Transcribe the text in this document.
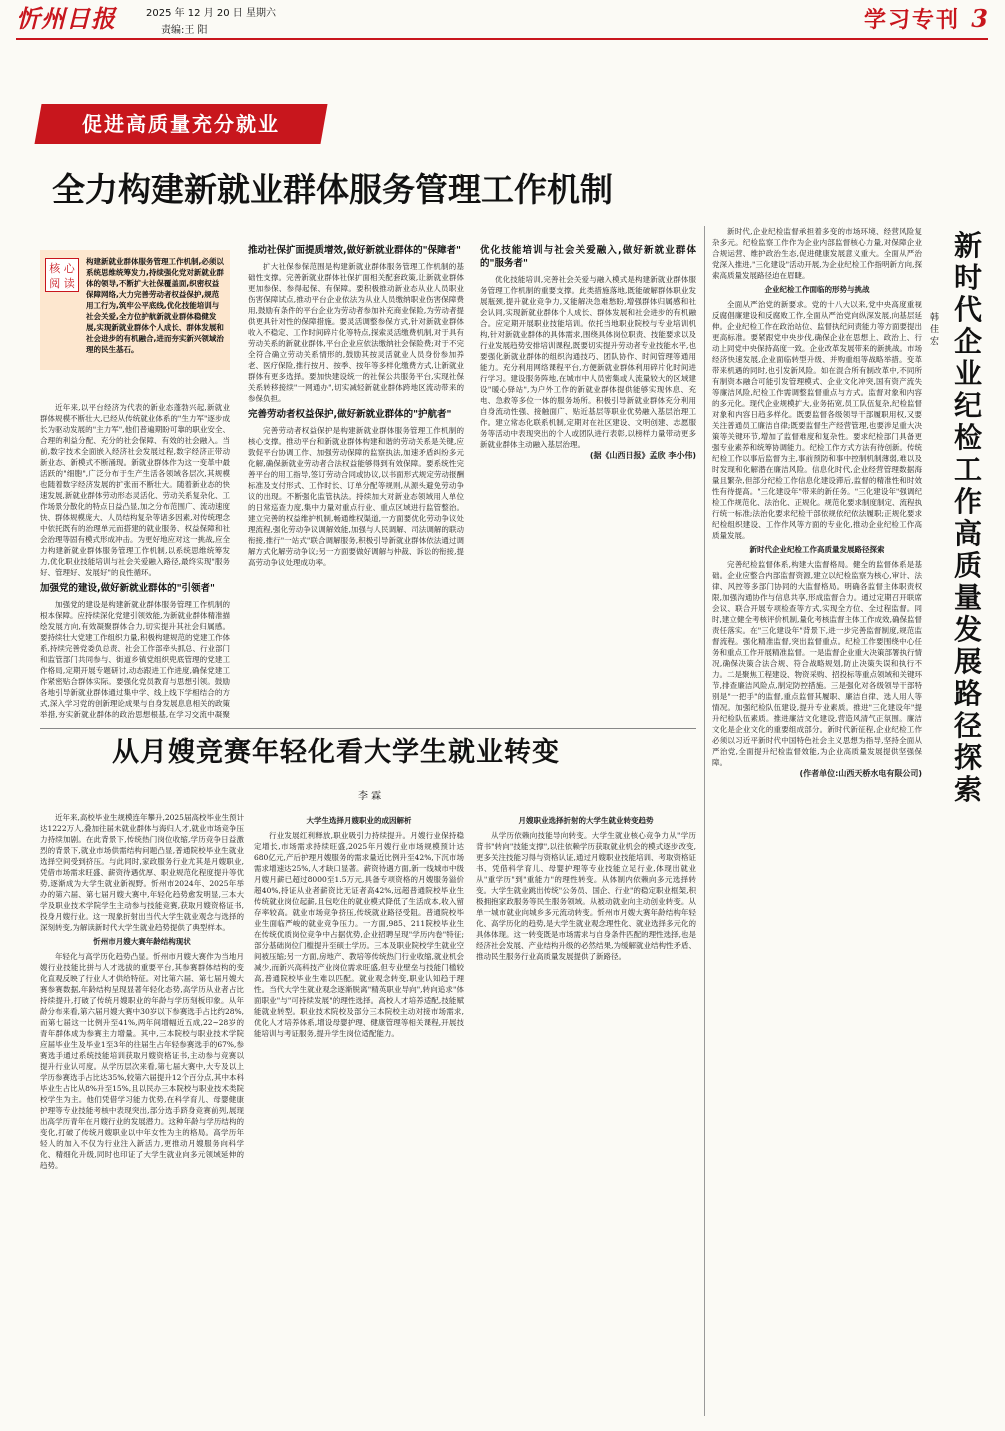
忻州日报	2025 年 12 月 20 日 星期六
责编:王 阳	学习专刊 3
促进高质量充分就业
全力构建新就业群体服务管理工作机制
核 心 阅 读
构建新就业群体服务管理工作机制,必须以系统思维统筹发力,持续强化党对新就业群体的领导,不断扩大社保覆盖面,织密权益保障网络,大力完善劳动者权益保护,规范用工行为,筑牢公平底线,优化技能培训与社会关爱,全方位护航新就业群体稳健发展,实现新就业群体个人成长、群体发展和社会进步的有机融合,进而夯实新兴领域治理的民生基石。

近年来,以平台经济为代表的新业态蓬勃兴起,新就业群体规模不断壮大,已经从传统就业体系的"生力军"逐步成长为驱动发展的"主力军",他们普遍期盼可靠的职业安全、合理的利益分配、充分的社会保障、有效的社会融入。当前,数字技术全面嵌入经济社会发展过程,数字经济正带动新业态、新模式不断涌现。新就业群体作为这一变革中最活跃的"细胞",广泛分布于生产生活各领域各层次,其规模也随着数字经济发展的扩张而不断壮大。随着新业态的快速发展,新就业群体劳动形态灵活化、劳动关系复杂化、工作场景分散化的特点日益凸显,加之分布范围广、流动速度快、群体规模庞大、人员结构复杂等诸多因素,对传统理念中依托既有的治理单元而搭建的就业服务、权益保障和社会治理等固有模式形成冲击。为更好地应对这一挑战,应全力构建新就业群体服务管理工作机制,以系统思维统筹发力,优化职业技能培训与社会关爱融入路径,最终实现"服务好、管理好、发展好"的良性循环。

加强党的建设,做好新就业群体的"引领者"

加强党的建设是构建新就业群体服务管理工作机制的根本保障。应持续深化党建引领效能,为新就业群体精准描绘发展方向,有效凝聚群体合力,切实提升其社会归属感。要持续壮大党建工作组织力量,积极构建规范的党建工作体系,持续完善党委负总责、社会工作部牵头抓总、行业部门和监管部门共同参与、街道乡镇党组织兜底管理的党建工作格局,定期开展专题研讨,动态跟进工作进度,确保党建工作紧密贴合群体实际。要强化党员教育与思想引领。鼓励各地引导新就业群体通过集中学、线上线下学相结合的方式,深入学习党的创新理论成果与自身发展息息相关的政策举措,夯实新就业群体的政治思想根基,在学习交流中凝聚

推动社保扩面提质增效,做好新就业群体的"保障者"

扩大社保参保范围是构建新就业群体服务管理工作机制的基础性支撑。完善新就业群体社保扩面相关配套政策,让新就业群体更加参保、参得起保、有保障。要积极推动新业态从业人员职业伤害保障试点,推动平台企业依法为从业人员缴纳职业伤害保障费用,鼓励有条件的平台企业为劳动者参加补充商业保险,为劳动者提供更具针对性的保障措施。要灵活调整参保方式,针对新就业群体收入不稳定、工作时间碎片化等特点,探索灵活缴费机制,对于具有劳动关系的新就业群体,平台企业应依法缴纳社会保险费;对于不完全符合确立劳动关系情形的,鼓励其按灵活就业人员身份参加养老、医疗保险,推行按月、按季、按年等多样化缴费方式,让新就业群体有更多选择。要加快建设统一的社保公共服务平台,实现社保关系转移接续"一网通办",切实减轻新就业群体跨地区流动带来的参保负担。

完善劳动者权益保护,做好新就业群体的"护航者"

完善劳动者权益保护是构建新就业群体服务管理工作机制的核心支撑。推动平台和新就业群体构建和谐的劳动关系是关键,应敦促平台协调工作、加强劳动保障的监察执法,加速矛盾纠纷多元化解,确保新就业劳动者合法权益能够得到有效保障。要系统性完善平台的用工指导,签订劳动合同或协议,以书面形式规定劳动报酬标准及支付形式、工作时长、订单分配等规则,从源头避免劳动争议的出现。不断强化监管执法。持续加大对新业态领域用人单位的日常巡查力度,集中力量对重点行业、重点区域进行监管整治。建立完善的权益维护机制,畅通维权渠道,一方面要优化劳动争议处理流程,强化劳动争议调解效能,加强与人民调解、司法调解的联动衔接,推行"一站式"联合调解服务,积极引导新就业群体依法通过调解方式化解劳动争议;另一方面要做好调解与仲裁、诉讼的衔接,提高劳动争议处理成功率。

优化技能培训与社会关爱融入,做好新就业群体的"服务者"

优化技能培训,完善社会关爱与融入模式是构建新就业群体服务管理工作机制的重要支撑。此类措施落地,既能破解群体职业发展瓶颈,提升就业竞争力,又能解决急难愁盼,增强群体归属感和社会认同,实现新就业群体个人成长、群体发展和社会进步的有机融合。应定期开展职业技能培训。依托当地职业院校与专业培训机构,针对新就业群体的具体需求,围绕具体岗位职责、技能要求以及行业发展趋势安排培训课程,既要切实提升劳动者专业技能水平,也要强化新就业群体的组织沟通技巧、团队协作、时间管理等通用能力。充分利用网络课程平台,方便新就业群体利用碎片化时间进行学习。建设服务阵地,在城市中人员密集或人流量较大的区域建设"暖心驿站",为户外工作的新就业群体提供能够实现休息、充电、急救等多位一体的服务场所。积极引导新就业群体充分利用自身流动性强、接触面广、贴近基层等职业优势融入基层治理工作。建立常态化联系机制,定期对在社区建设、文明创建、志愿服务等活动中表现突出的个人或团队进行表彰,以榜样力量带动更多新就业群体主动融入基层治理。

(据《山西日报》孟欣 李小伟)
从月嫂竞赛年轻化看大学生就业转变
李 霖

近年来,高校毕业生规模连年攀升,2025届高校毕业生预计达1222万人,叠加往届未就业群体与海归人才,就业市场竞争压力持续加剧。在此背景下,传统热门岗位收缩,学历竞争日益激烈的背景下,就业市场供需结构问题凸显,普通院校毕业生就业选择空间受到挤压。与此同时,家政服务行业尤其是月嫂职业,凭借市场需求旺盛、薪资待遇优厚、职业规范化程度提升等优势,逐渐成为大学生就业新视野。忻州市2024年、2025年举办的第六届、第七届月嫂大赛中,年轻化趋势愈发明显,三本大学及职业技术学院学生主动参与技能竞赛,获取月嫂资格证书,投身月嫂行业。这一现象折射出当代大学生就业观念与选择的深刻转变,为解读新时代大学生就业趋势提供了典型样本。

忻州市月嫂大赛年龄结构现状

年轻化与高学历化趋势凸显。忻州市月嫂大赛作为当地月嫂行业技能比拼与人才选拔的重要平台,其参赛群体结构的变化直观反映了行业人才供给特征。对比第六届、第七届月嫂大赛参赛数据,年龄结构呈现显著年轻化态势,高学历从业者占比持续提升,打破了传统月嫂职业的年龄与学历刻板印象。从年龄分布来看,第六届月嫂大赛中30岁以下参赛选手占比约28%,而第七届这一比例升至41%,两年间增幅近五成,22~28岁的青年群体成为参赛主力增量。其中,三本院校与职业技术学院应届毕业生及毕业1至3年的往届生占年轻参赛选手的67%,参赛选手通过系统技能培训获取月嫂资格证书,主动参与竞赛以提升行业认可度。从学历层次来看,第七届大赛中,大专及以上学历参赛选手占比达35%,较第六届提升12个百分点,其中本科毕业生占比从8%升至15%,且以民办三本院校与职业技术类院校学生为主。他们凭借学习能力优势,在科学育儿、母婴健康护理等专业技能考核中表现突出,部分选手跻身竞赛前列,展现出高学历青年在月嫂行业的发展潜力。这种年龄与学历结构的变化,打破了传统月嫂职业以中年女性为主的格局。高学历年轻人的加入不仅为行业注入新活力,更推动月嫂服务向科学化、精细化升级,同时也印证了大学生就业向多元领域延伸的趋势。

大学生选择月嫂职业的成因解析

行业发展红利释放,职业吸引力持续提升。月嫂行业保持稳定增长,市场需求持续旺盛,2025年月嫂行业市场规模预计达680亿元,产后护理月嫂服务的需求量近比例升至42%,下沉市场需求增速达25%,人才缺口显著。薪资待遇方面,新一线城市中级月嫂月薪已超过8000至1.5万元,具备专项资格的月嫂服务溢价超40%,持证从业者薪资比无证者高42%,远超普通院校毕业生传统就业岗位起薪,且包吃住的就业模式降低了生活成本,收入留存率较高。就业市场竞争挤压,传统就业路径受阻。普通院校毕业生面临严峻的就业竞争压力。一方面,985、211院校毕业生在传统优质岗位竞争中占据优势,企业招聘呈现"学历内卷"特征;部分基础岗位门槛提升至硕士学历。三本及职业院校学生就业空间被压缩;另一方面,房地产、教培等传统热门行业收缩,就业机会减少,而新兴高科技产业岗位需求旺盛,但专业壁垒与技能门槛较高,普通院校毕业生难以匹配。就业观念转变,职业认知趋于理性。当代大学生就业观念逐渐脱离"精英职业导向",转向追求"体面职业"与"可持续发展"的理性选择。高校人才培养适配,技能赋能就业转型。职业技术院校及部分三本院校主动对接市场需求,优化人才培养体系,增设母婴护理、健康管理等相关课程,开展技能培训与考证服务,提升学生岗位适配能力。

月嫂职业选择折射的大学生就业转变趋势

从学历依赖向技能导向转变。大学生就业核心竞争力从"学历背书"转向"技能支撑",以往依赖学历获取就业机会的模式逐步改变,更多关注技能习得与资格认证,通过月嫂职业技能培训、考取资格证书、凭借科学育儿、母婴护理等专业技能立足行业,体现出就业从"重学历"到"重能力"的理性转变。从体制内依赖向多元选择转变。大学生就业跳出传统"公务员、国企、行业"的稳定职业框架,积极拥抱家政服务等民生服务领域。从被动就业向主动创业转变。从单一城市就业向城乡多元流动转变。忻州市月嫂大赛年龄结构年轻化、高学历化的趋势,是大学生就业观念理性化、就业选择多元化的具体体现。这一转变既是市场需求与自身条件匹配的理性选择,也是经济社会发展、产业结构升级的必然结果,为缓解就业结构性矛盾、推动民生服务行业高质量发展提供了新路径。

新时代企业纪检工作高质量发展路径探索
韩佳宏

新时代,企业纪检监督承担着多变的市场环境、经营风险复杂多元。纪检监察工作作为企业内部监督核心力量,对保障企业合规运营、维护政治生态,促进健康发展意义重大。全面从严治党深入推进,"三化建设"活动开展,为企业纪检工作指明新方向,探索高质量发展路径迫在眉睫。

企业纪检工作面临的形势与挑战

全面从严治党的新要求。党的十八大以来,党中央高度重视反腐倡廉建设和反腐败工作,全面从严治党向纵深发展,向基层延伸。企业纪检工作在政治站位、监督执纪问责能力等方面要提出更高标准。要紧跟党中央步伐,确保企业在思想上、政治上、行动上同党中央保持高度一致。企业改革发展带来的新挑战。市场经济快速发展,企业面临转型升级、并购重组等战略举措。变革带来机遇的同时,也引发新风险。如在混合所有制改革中,不同所有制资本融合可能引发管理模式、企业文化冲突,国有资产流失等廉洁风险,纪检工作需调整监督重点与方式。监督对象和内容的多元化。现代企业规模扩大,业务拓宽,员工队伍复杂,纪检监督对象和内容日趋多样化。既要监督各级领导干部履职用权,又要关注普通员工廉洁自律;既要监督生产经营管理,也要涉足重大决策等关键环节,增加了监督难度和复杂性。要求纪检部门具备更强专业素养和统筹协调能力。纪检工作方式方法有待创新。传统纪检工作以事后监督为主,事前预防和事中控制机制薄弱,难以及时发现和化解潜在廉洁风险。信息化时代,企业经营管理数据海量且繁杂,但部分纪检工作信息化建设滞后,监督的精准性和时效性有待提高。"三化建设年"带来的新任务。"三化建设年"强调纪检工作规范化、法治化、正规化。规范化要求制度制定、流程执行统一标准;法治化要求纪检干部依规依纪依法履职;正规化要求纪检组织建设、工作作风等方面的专业化,推动企业纪检工作高质量发展。

新时代企业纪检工作高质量发展路径探索

完善纪检监督体系,构建大监督格局。健全的监督体系是基础。企业应整合内部监督资源,建立以纪检监察为核心,审计、法律、风控等多部门协同的大监督格局。明确各监督主体职责权限,加强沟通协作与信息共享,形成监督合力。通过定期召开联席会议、联合开展专项检查等方式,实现全方位、全过程监督。同时,建立健全考核评价机制,量化考核监督主体工作成效,确保监督责任落实。在"三化建设年"背景下,进一步完善监督制度,规范监督流程。强化精准监督,突出监督重点。纪检工作要围绕中心任务和重点工作开展精准监督。一是监督企业重大决策部署执行情况,确保决策合法合规、符合战略规划,防止决策失误和执行不力。二是聚焦工程建设、物资采购、招投标等重点领域和关键环节,排查廉洁风险点,制定防控措施。三是强化对各级领导干部特别是"一把手"的监督,重点监督其履职、廉洁自律、选人用人等情况。加强纪检队伍建设,提升专业素质。推进"三化建设年"提升纪检队伍素质。推进廉洁文化建设,营造风清气正氛围。廉洁文化是企业文化的重要组成部分。新时代新征程,企业纪检工作必须以习近平新时代中国特色社会主义思想为指导,坚持全面从严治党,全面提升纪检监督效能,为企业高质量发展提供坚强保障。

(作者单位:山西天桥水电有限公司)
